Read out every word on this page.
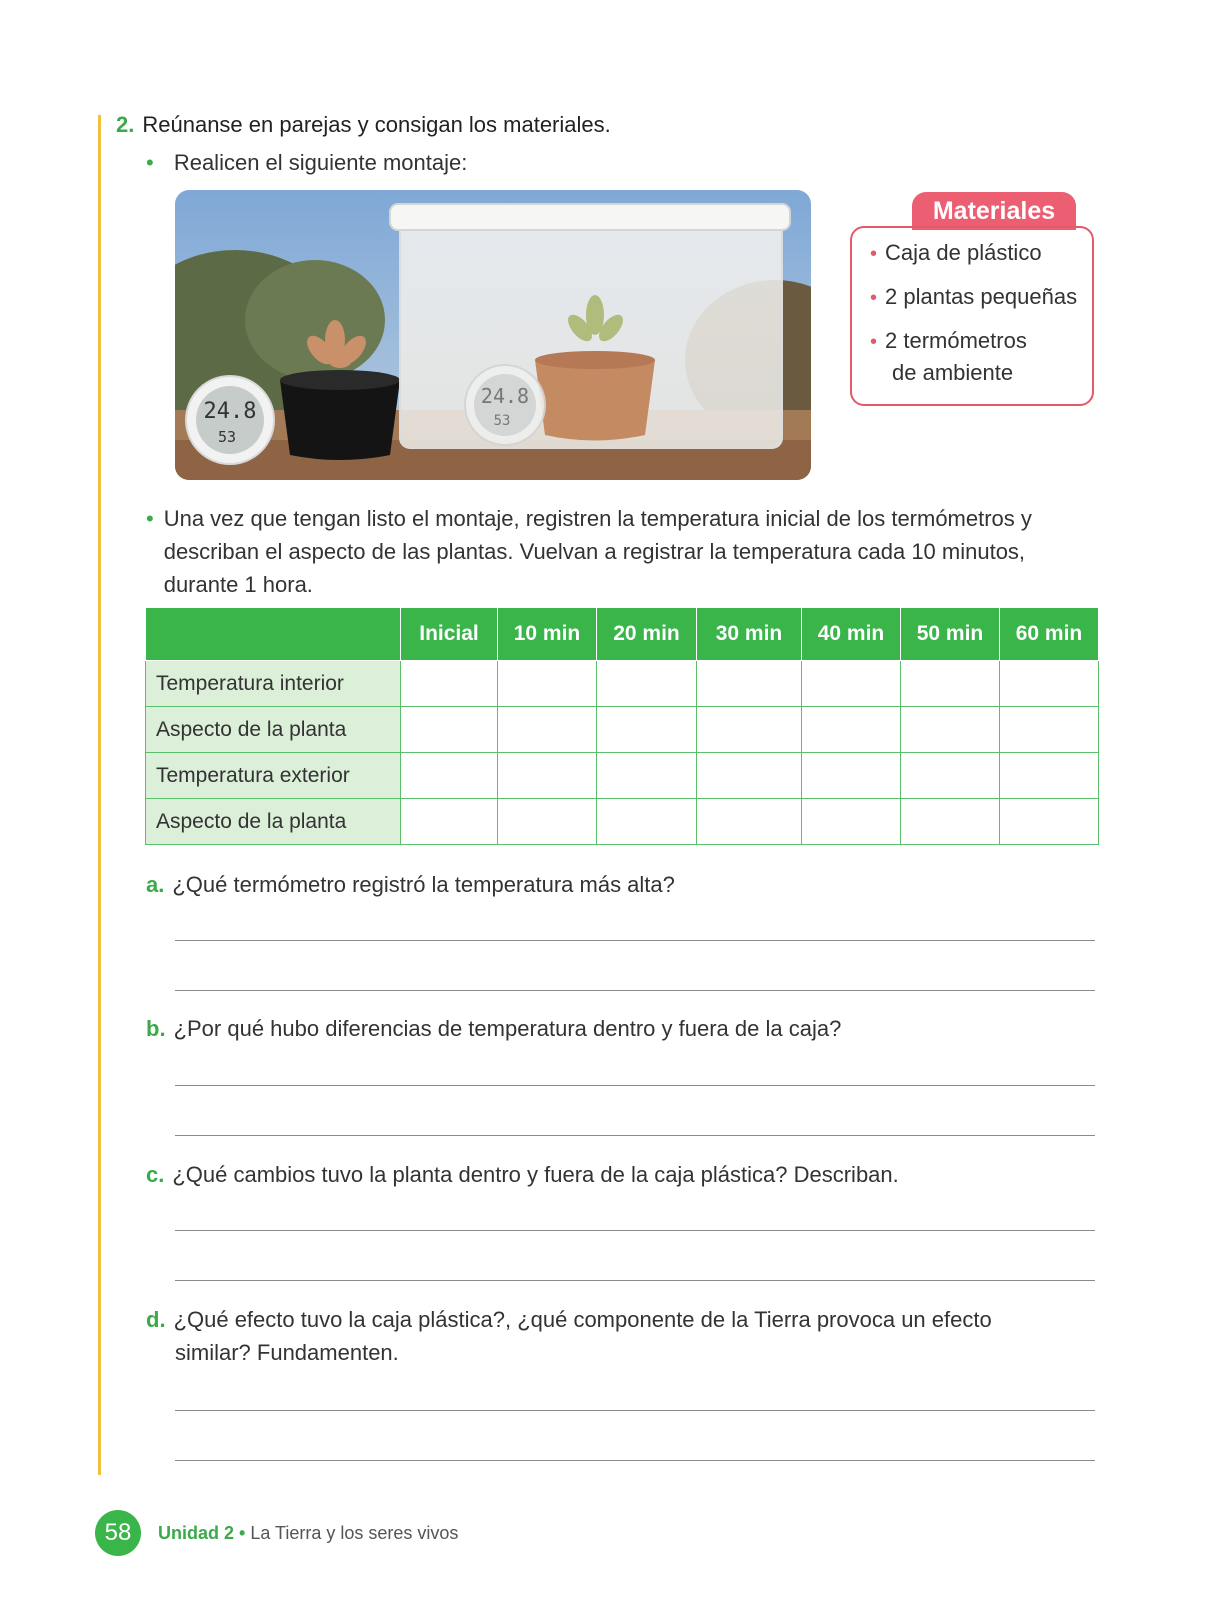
2. Reúnanse en parejas y consigan los materiales.
• Realicen el siguiente montaje:
24.8
53
24.8
53
Materiales
• Caja de plástico
• 2 plantas pequeñas
• 2 termómetros
de ambiente
• Una vez que tengan listo el montaje, registren la temperatura inicial de los termómetros y describan el aspecto de las plantas. Vuelvan a registrar la temperatura cada 10 minutos, durante 1 hora.
	Inicial	10 min	20 min	30 min	40 min	50 min	60 min
Temperatura interior							
Aspecto de la planta							
Temperatura exterior							
Aspecto de la planta							
a. ¿Qué termómetro registró la temperatura más alta?
b. ¿Por qué hubo diferencias de temperatura dentro y fuera de la caja?
c. ¿Qué cambios tuvo la planta dentro y fuera de la caja plástica? Describan.
d. ¿Qué efecto tuvo la caja plástica?, ¿qué componente de la Tierra provoca un efecto
similar? Fundamenten.
58	Unidad 2 • La Tierra y los seres vivos
